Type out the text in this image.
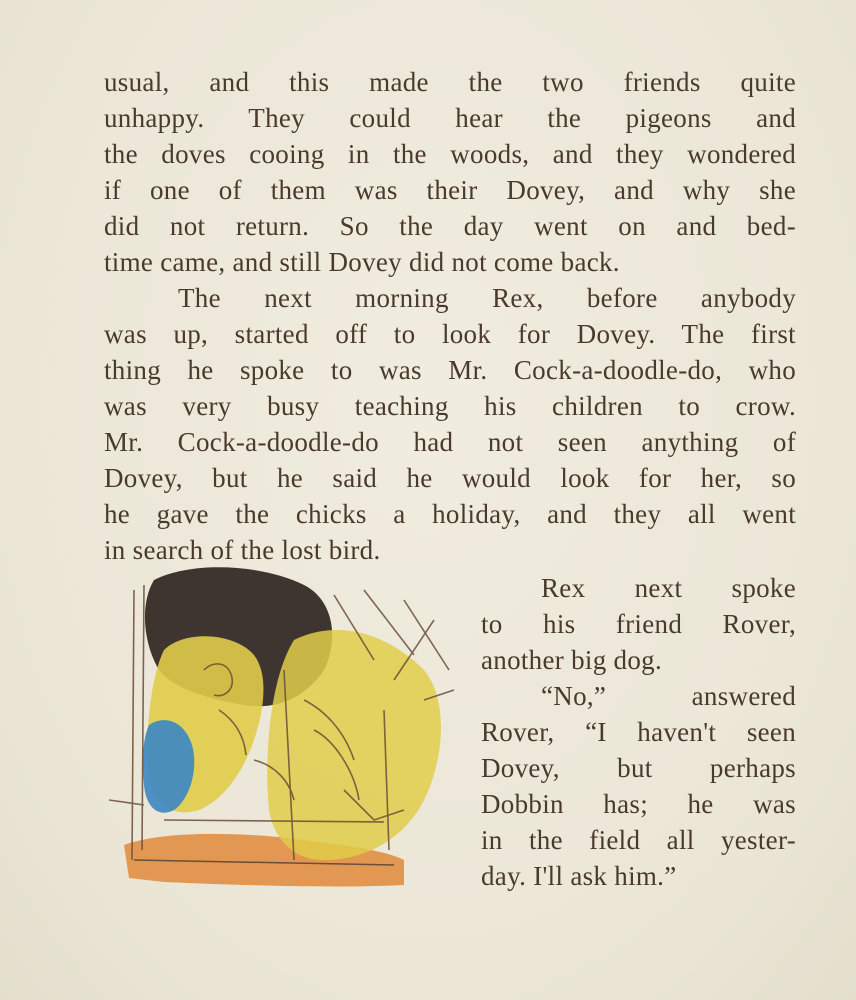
usual, and this made the two friends quite
unhappy. They could hear the pigeons and
the doves cooing in the woods, and they wondered
if one of them was their Dovey, and why she
did not return. So the day went on and bed-
time came, and still Dovey did not come back.
The next morning Rex, before anybody
was up, started off to look for Dovey. The first
thing he spoke to was Mr. Cock-a-doodle-do, who
was very busy teaching his children to crow.
Mr. Cock-a-doodle-do had not seen anything of
Dovey, but he said he would look for her, so
he gave the chicks a holiday, and they all went
in search of the lost bird.
Rex next spoke
to his friend Rover,
another big dog.
“No,” answered
Rover, “I haven't seen
Dovey, but perhaps
Dobbin has; he was
in the field all yester-
day. I'll ask him.”
